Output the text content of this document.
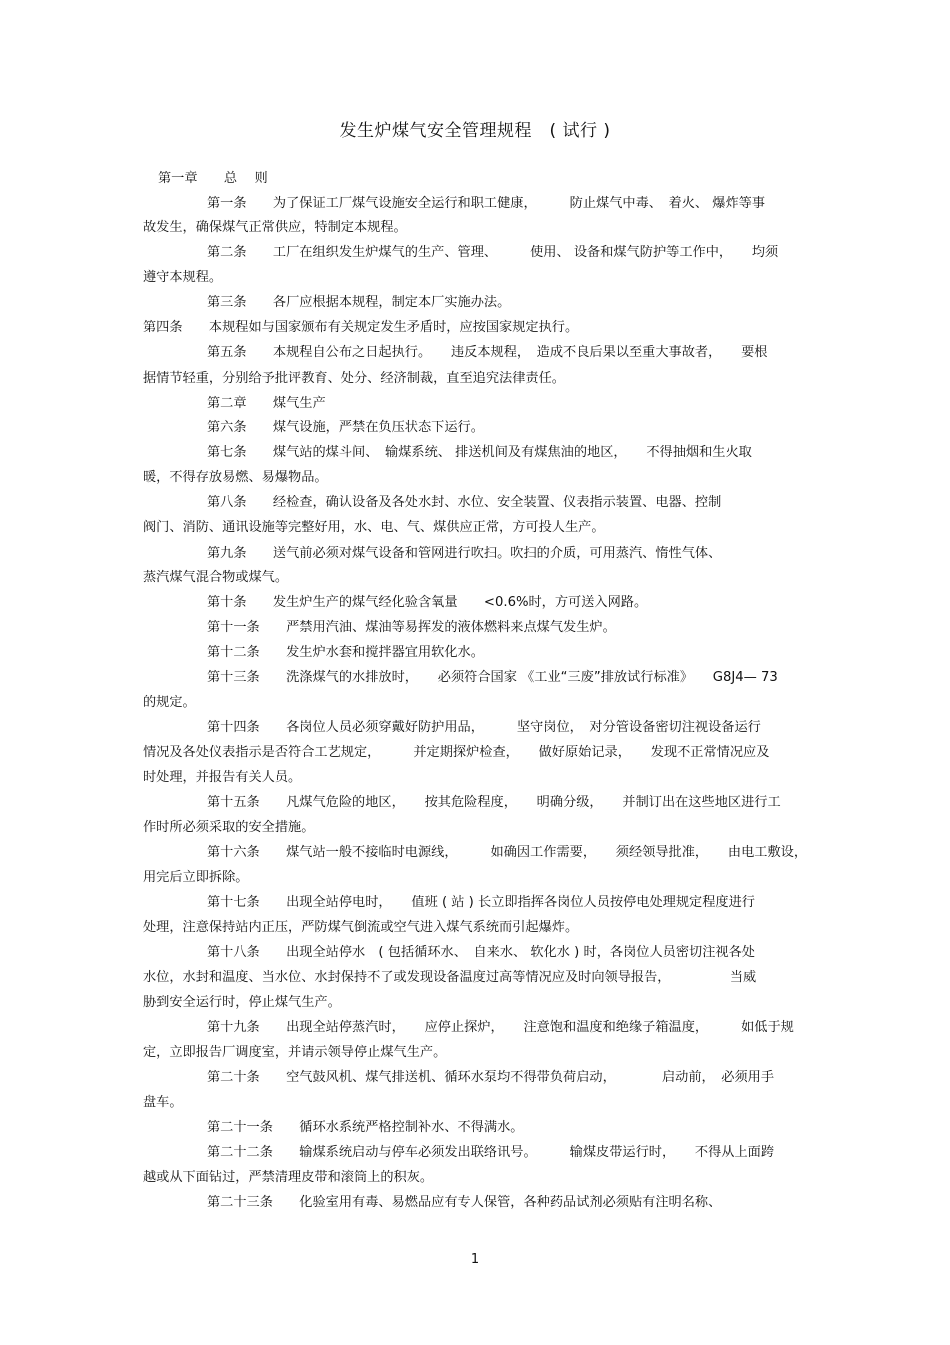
发生炉煤气安全管理规程　( 试行 )
第一章　　总　 则
第一条　　为了保证工厂煤气设施安全运行和职工健康，　　　防止煤气中毒、　着火、 爆炸等事
故发生，确保煤气正常供应，特制定本规程。
第二条　　工厂在组织发生炉煤气的生产、管理、　　　使用、 设备和煤气防护等工作中，　　均须
遵守本规程。
第三条　　各厂应根据本规程，制定本厂实施办法。
第四条　　本规程如与国家颁布有关规定发生矛盾时，应按国家规定执行。
第五条　　本规程自公布之日起执行。　　违反本规程，　造成不良后果以至重大事故者，　　要根
据情节轻重，分别给予批评教育、处分、经济制裁，直至追究法律责任。
第二章　　煤气生产
第六条　　煤气设施，严禁在负压状态下运行。
第七条　　煤气站的煤斗间、　输煤系统、 排送机间及有煤焦油的地区，　　不得抽烟和生火取
暖，不得存放易燃、易爆物品。
第八条　　经检查，确认设备及各处水封、水位、安全装置、仪表指示装置、电器、控制
阀门、消防、通讯设施等完整好用，水、电、气、煤供应正常，方可投人生产。
第九条　　送气前必须对煤气设备和管网进行吹扫。吹扫的介质，可用蒸汽、惰性气体、
蒸汽煤气混合物或煤气。
第十条　　发生炉生产的煤气经化验含氧量　　<0.6%时，方可送入网路。
第十一条　　严禁用汽油、煤油等易挥发的液体燃料来点煤气发生炉。
第十二条　　发生炉水套和搅拌器宜用软化水。
第十三条　　洗涤煤气的水排放时，　　必须符合国家 《工业“三废”排放试行标准》　　G8J4— 73
的规定。
第十四条　　各岗位人员必须穿戴好防护用品，　　　坚守岗位，　对分管设备密切注视设备运行
情况及各处仪表指示是否符合工艺规定，　　　并定期探炉检查，　　做好原始记录，　　发现不正常情况应及
时处理，并报告有关人员。
第十五条　　凡煤气危险的地区，　　按其危险程度，　　明确分级，　　并制订出在这些地区进行工
作时所必须采取的安全措施。
第十六条　　煤气站一般不接临时电源线，　　　如确因工作需要，　　须经领导批准，　　由电工敷设，
用完后立即拆除。
第十七条　　出现全站停电时，　　值班 ( 站 ) 长立即指挥各岗位人员按停电处理规定程度进行
处理，注意保持站内正压，严防煤气倒流或空气进入煤气系统而引起爆炸。
第十八条　　出现全站停水　( 包括循环水、　自来水、 软化水 ) 时，各岗位人员密切注视各处
水位，水封和温度、当水位、水封保持不了或发现设备温度过高等情况应及时向领导报告，　　　　　当威
胁到安全运行时，停止煤气生产。
第十九条　　出现全站停蒸汽时，　　应停止探炉，　　注意饱和温度和绝缘子箱温度，　　　如低于规
定，立即报告厂调度室，并请示领导停止煤气生产。
第二十条　　空气鼓风机、煤气排送机、循环水泵均不得带负荷启动，　　　　启动前，　必须用手
盘车。
第二十一条　　循环水系统严格控制补水、不得满水。
第二十二条　　输煤系统启动与停车必须发出联络讯号。　　　输煤皮带运行时，　　不得从上面跨
越或从下面钻过，严禁清理皮带和滚筒上的积灰。
第二十三条　　化验室用有毒、易燃品应有专人保管，各种药品试剂必须贴有注明名称、
1
